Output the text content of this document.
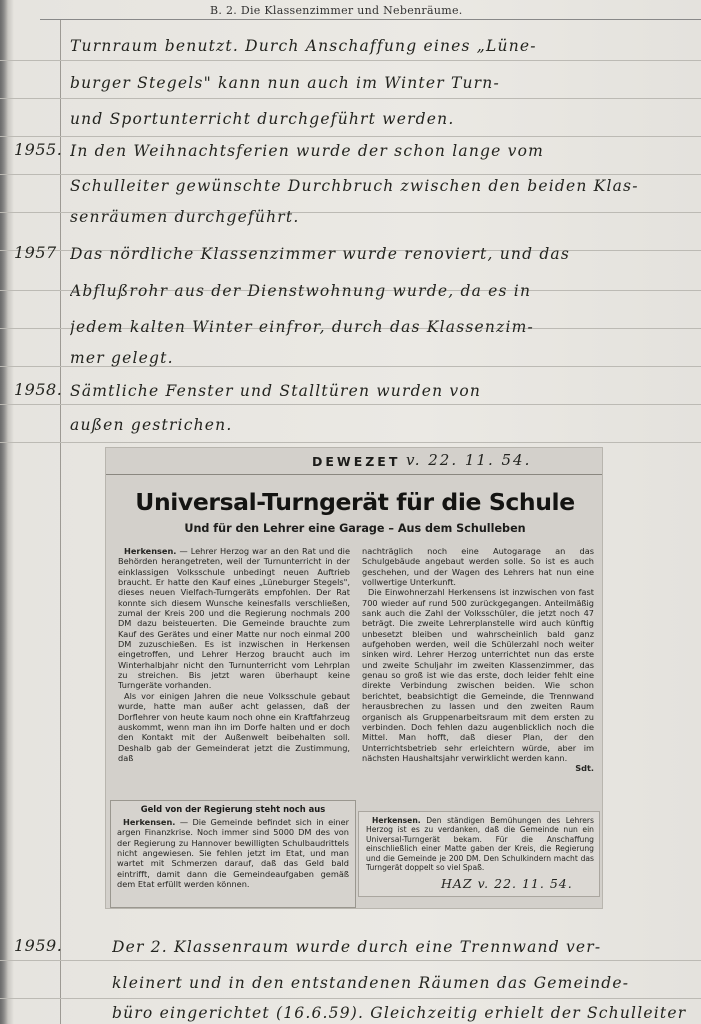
B. 2. Die Klassenzimmer und Nebenräume.
Turnraum benutzt. Durch Anschaffung eines „Lüne-
burger Stegels" kann nun auch im Winter Turn-
und Sportunterricht durchgeführt werden.
1955. In den Weihnachtsferien wurde der schon lange vom
Schulleiter gewünschte Durchbruch zwischen den beiden Klas-
senräumen durchgeführt.
1957 Das nördliche Klassenzimmer wurde renoviert, und das
Abflußrohr aus der Dienstwohnung wurde, da es in
jedem kalten Winter einfror, durch das Klassenzim-
mer gelegt.
1958. Sämtliche Fenster und Stalltüren wurden von
außen gestrichen.
DEWEZET v. 22. 11. 54.
Universal-Turngerät für die Schule
Und für den Lehrer eine Garage – Aus dem Schulleben

Herkensen. — Lehrer Herzog war an den Rat und die Behörden herangetreten, weil der Turnunterricht in der einklassigen Volksschule unbedingt neuen Auftrieb braucht. Er hatte den Kauf eines „Lüneburger Stegels", dieses neuen Vielfach-Turngeräts empfohlen. Der Rat konnte sich diesem Wunsche keinesfalls verschließen, zumal der Kreis 200 und die Regierung nochmals 200 DM dazu beisteuerten. Die Gemeinde brauchte zum Kauf des Gerätes und einer Matte nur noch einmal 200 DM zuzuschießen. Es ist inzwischen in Herkensen eingetroffen, und Lehrer Herzog braucht auch im Winterhalbjahr nicht den Turnunterricht vom Lehrplan zu streichen. Bis jetzt waren überhaupt keine Turngeräte vorhanden.

Als vor einigen Jahren die neue Volksschule gebaut wurde, hatte man außer acht gelassen, daß der Dorflehrer von heute kaum noch ohne ein Kraftfahrzeug auskommt, wenn man ihn im Dorfe halten und er doch den Kontakt mit der Außenwelt beibehalten soll. Deshalb gab der Gemeinderat jetzt die Zustimmung, daß

nachträglich noch eine Autogarage an das Schulgebäude angebaut werden solle. So ist es auch geschehen, und der Wagen des Lehrers hat nun eine vollwertige Unterkunft.

Die Einwohnerzahl Herkensens ist inzwischen von fast 700 wieder auf rund 500 zurückgegangen. Anteilmäßig sank auch die Zahl der Volksschüler, die jetzt noch 47 beträgt. Die zweite Lehrerplanstelle wird auch künftig unbesetzt bleiben und wahrscheinlich bald ganz aufgehoben werden, weil die Schülerzahl noch weiter sinken wird. Lehrer Herzog unterrichtet nun das erste und zweite Schuljahr im zweiten Klassenzimmer, das genau so groß ist wie das erste, doch leider fehlt eine direkte Verbindung zwischen beiden. Wie schon berichtet, beabsichtigt die Gemeinde, die Trennwand herausbrechen zu lassen und den zweiten Raum organisch als Gruppenarbeitsraum mit dem ersten zu verbinden. Doch fehlen dazu augenblicklich noch die Mittel. Man hofft, daß dieser Plan, der den Unterrichtsbetrieb sehr erleichtern würde, aber im nächsten Haushaltsjahr verwirklicht werden kann.

Sdt.
Geld von der Regierung steht noch aus

Herkensen. — Die Gemeinde befindet sich in einer argen Finanzkrise. Noch immer sind 5000 DM des von der Regierung zu Hannover bewilligten Schulbaudrittels nicht angewiesen. Sie fehlen jetzt im Etat, und man wartet mit Schmerzen darauf, daß das Geld bald eintrifft, damit dann die Gemeindeaufgaben gemäß dem Etat erfüllt werden können.

Herkensen. Den ständigen Bemühungen des Lehrers Herzog ist es zu verdanken, daß die Gemeinde nun ein Universal-Turngerät bekam. Für die Anschaffung einschließlich einer Matte gaben der Kreis, die Regierung und die Gemeinde je 200 DM. Den Schulkindern macht das Turngerät doppelt so viel Spaß.

HAZ v. 22. 11. 54.
1959.	Der 2. Klassenraum wurde durch eine Trennwand ver-
kleinert und in den entstandenen Räumen das Gemeinde-
büro eingerichtet (16.6.59). Gleichzeitig erhielt der Schulleiter
